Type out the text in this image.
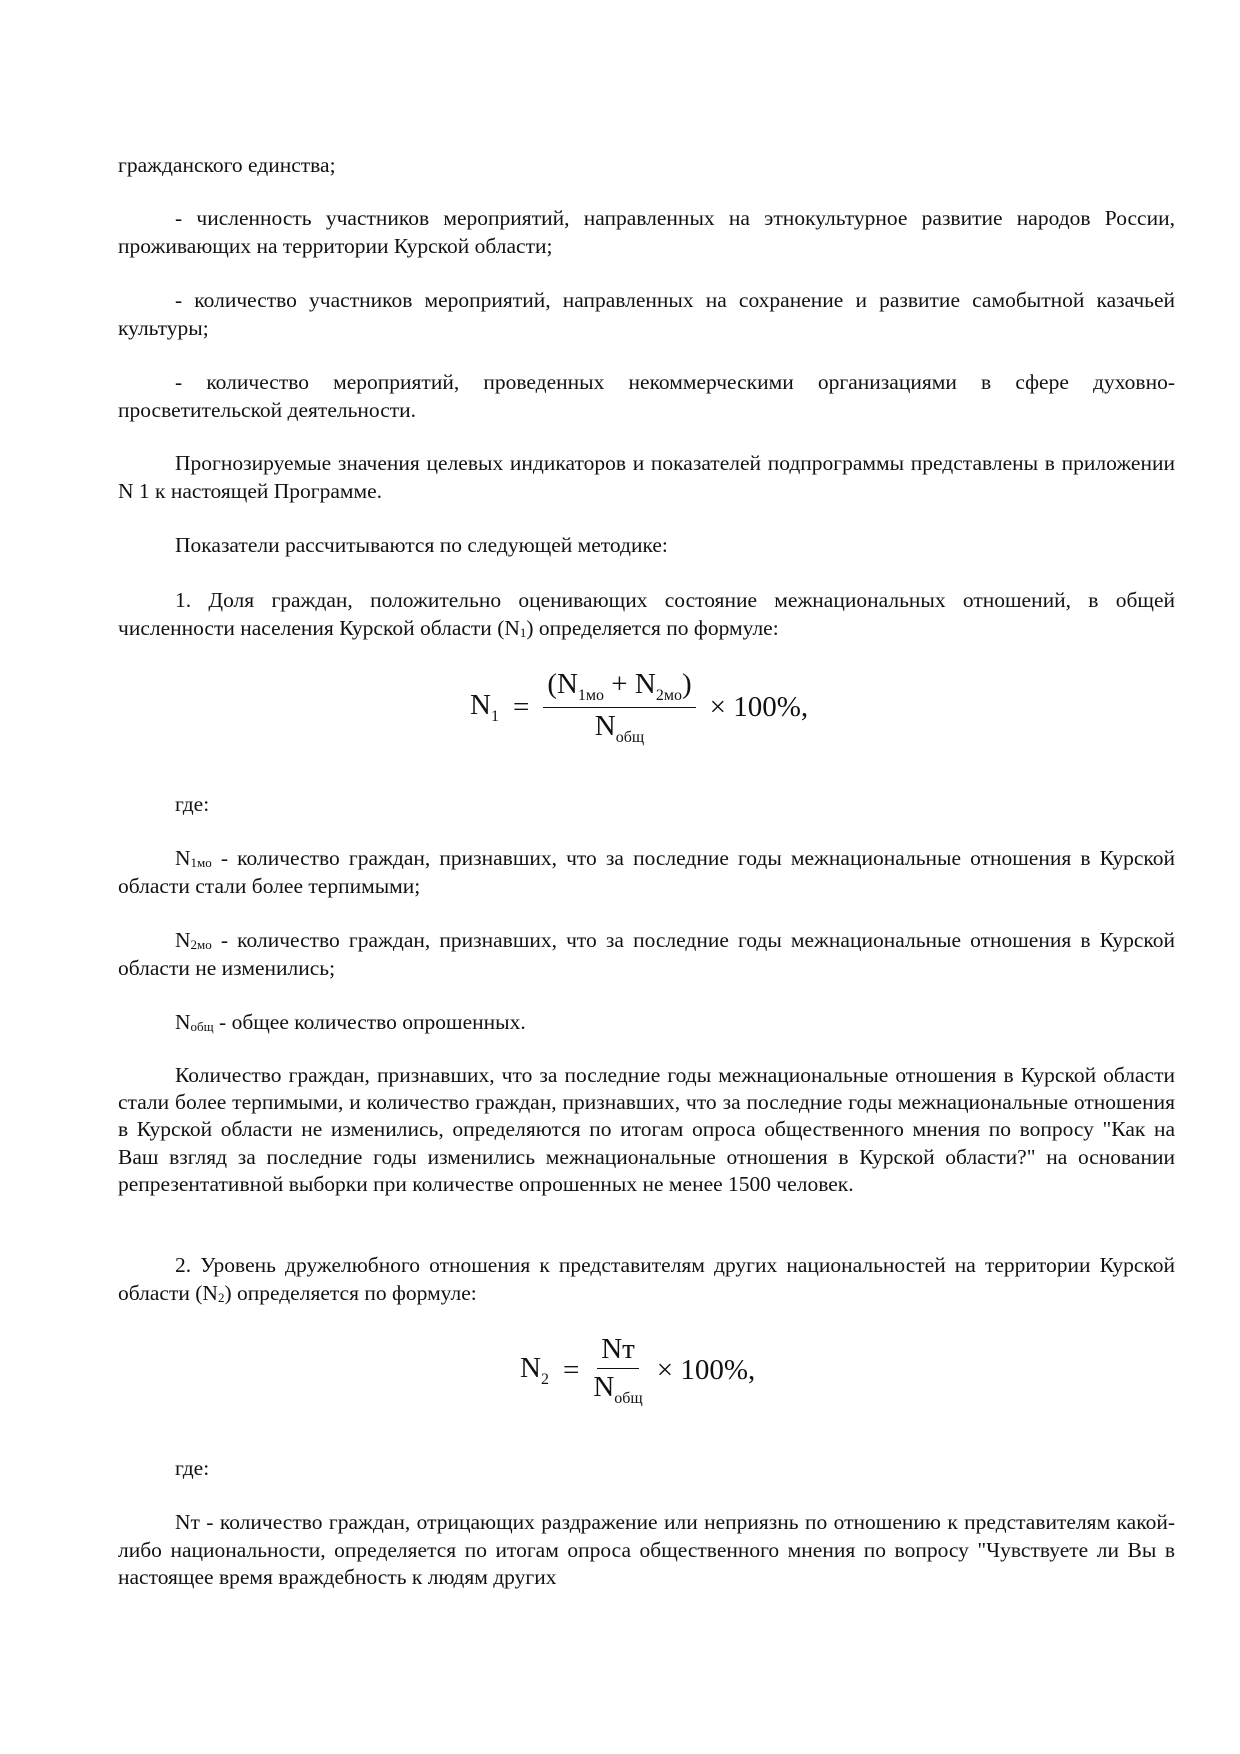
гражданского единства;

- численность участников мероприятий, направленных на этнокультурное развитие народов России, проживающих на территории Курской области;

- количество участников мероприятий, направленных на сохранение и развитие самобытной казачьей культуры;

- количество мероприятий, проведенных некоммерческими организациями в сфере духовно-просветительской деятельности.

Прогнозируемые значения целевых индикаторов и показателей подпрограммы представлены в приложении N 1 к настоящей Программе.

Показатели рассчитываются по следующей методике:

1. Доля граждан, положительно оценивающих состояние межнациональных отношений, в общей численности населения Курской области $(N_1)$ определяется по формуле:

$N_1 = \frac{(N_{1мо} + N_{2мо})}{N_{общ}} \times 100\%$,

где:

$N_{1мо}$ - количество граждан, признавших, что за последние годы межнациональные отношения в Курской области стали более терпимыми;

$N_{2мо}$ - количество граждан, признавших, что за последние годы межнациональные отношения в Курской области не изменились;

$N_{общ}$ - общее количество опрошенных.

Количество граждан, признавших, что за последние годы межнациональные отношения в Курской области стали более терпимыми, и количество граждан, признавших, что за последние годы межнациональные отношения в Курской области не изменились, определяются по итогам опроса общественного мнения по вопросу "Как на Ваш взгляд за последние годы изменились межнациональные отношения в Курской области?" на основании репрезентативной выборки при количестве опрошенных не менее 1500 человек.

2. Уровень дружелюбного отношения к представителям других национальностей на территории Курской области $(N_2)$ определяется по формуле:

$N_2 = \frac{Nт}{N_{общ}} \times 100\%$,

где:

Nт - количество граждан, отрицающих раздражение или неприязнь по отношению к представителям какой-либо национальности, определяется по итогам опроса общественного мнения по вопросу "Чувствуете ли Вы в настоящее время враждебность к людям других
